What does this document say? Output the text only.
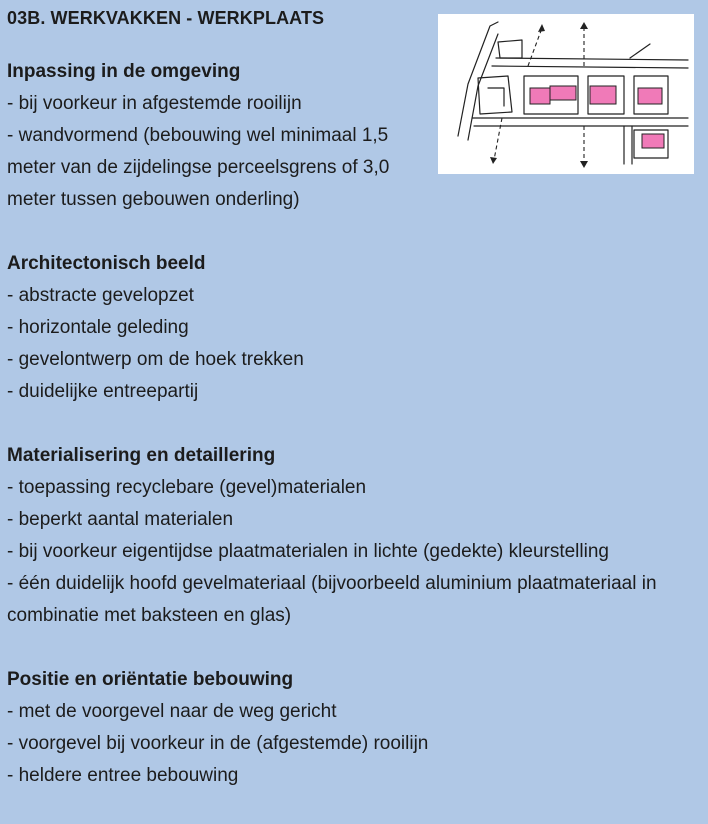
03B. WERKVAKKEN - WERKPLAATS
Inpassing in de omgeving
- bij voorkeur in afgestemde rooilijn
- wandvormend (bebouwing wel minimaal 1,5 meter van de zijdelingse perceelsgrens of 3,0 meter tussen gebouwen onderling)
Architectonisch beeld
- abstracte gevelopzet
- horizontale geleding
- gevelontwerp om de hoek trekken
- duidelijke entreepartij
Materialisering en detaillering
- toepassing recyclebare (gevel)materialen
- beperkt aantal materialen
- bij voorkeur eigentijdse plaatmaterialen in lichte (gedekte) kleurstelling
- één duidelijk hoofd gevelmateriaal (bijvoorbeeld aluminium plaatmateriaal in combinatie met baksteen en glas)
Positie en oriëntatie bebouwing
- met de voorgevel naar de weg gericht
- voorgevel bij voorkeur in de (afgestemde) rooilijn
- heldere entree bebouwing
